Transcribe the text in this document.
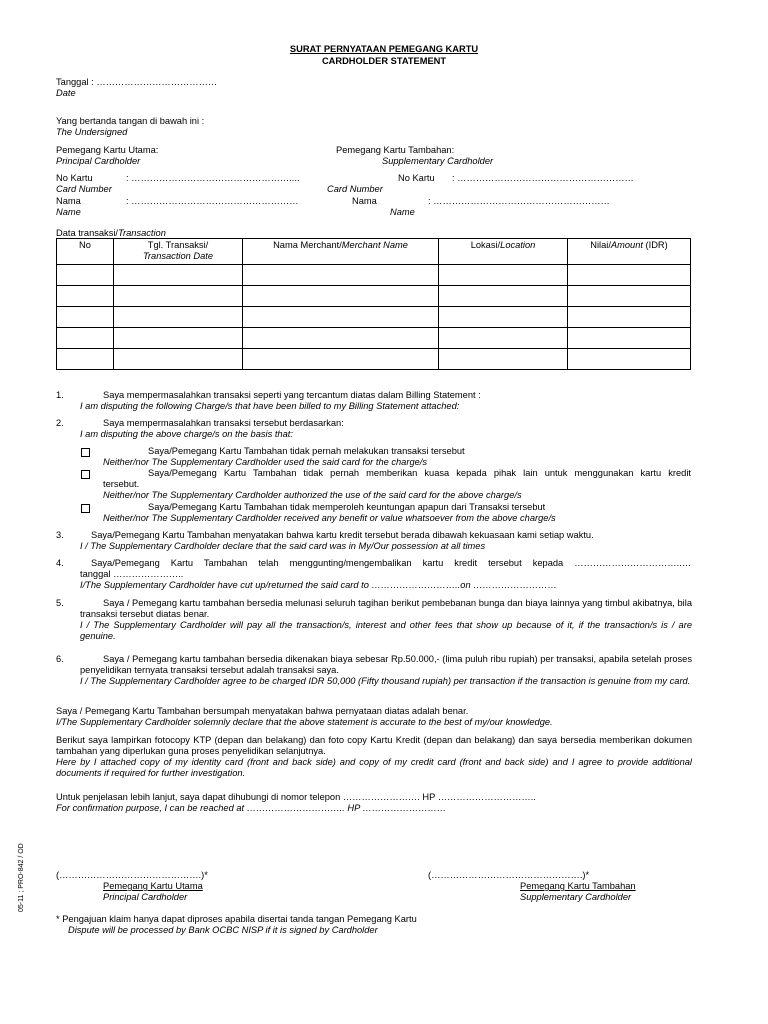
SURAT PERNYATAAN PEMEGANG KARTU
CARDHOLDER STATEMENT
Tanggal : …………………………………
Date
Yang bertanda tangan di bawah ini :
The Undersigned
Pemegang Kartu Utama:
Principal Cardholder
No Kartu	: ……………………………………………....
Card Number
Nama	: ………………………………………………
Name
Pemegang Kartu Tambahan:
Supplementary Cardholder
No Kartu : …………………………………………………
Card Number
Nama	: …………………………………………………
Name
Data transaksi/Transaction
No	Tgl. Transaksi/
Transaction Date	Nama Merchant/Merchant Name	Lokasi/Location	Nilai/Amount (IDR)

1.	Saya mempermasalahkan transaksi seperti yang tercantum diatas dalam Billing Statement :
I am disputing the following Charge/s that have been billed to my Billing Statement attached:
2.	Saya mempermasalahkan transaksi tersebut berdasarkan:
I am disputing the above charge/s on the basis that:
Saya/Pemegang Kartu Tambahan tidak pernah melakukan transaksi tersebut
Neither/nor The Supplementary Cardholder used the said card for the charge/s
Saya/Pemegang Kartu Tambahan tidak pernah memberikan kuasa kepada pihak lain untuk menggunakan kartu kredit
tersebut.
Neither/nor The Supplementary Cardholder authorized the use of the said card for the above charge/s
Saya/Pemegang Kartu Tambahan tidak memperoleh keuntungan apapun dari Transaksi tersebut
Neither/nor The Supplementary Cardholder received any benefit or value whatsoever from the above charge/s
3.	Saya/Pemegang Kartu Tambahan menyatakan bahwa kartu kredit tersebut berada dibawah kekuasaan kami setiap waktu.
I / The Supplementary Cardholder declare that the said card was in My/Our possession at all times
4.	Saya/Pemegang Kartu Tambahan telah menggunting/mengembalikan kartu kredit tersebut kepada ……………………………..…
tanggal …………………..
I/The Supplementary Cardholder have cut up/returned the said card to ………………………..on ………………………
5.	Saya / Pemegang kartu tambahan bersedia melunasi seluruh tagihan berikut pembebanan bunga dan biaya lainnya yang timbul akibatnya, bila transaksi tersebut diatas benar.
I / The Supplementary Cardholder will pay all the transaction/s, interest and other fees that show up because of it, if the transaction/s is / are genuine.
6.	Saya / Pemegang kartu tambahan bersedia dikenakan biaya sebesar Rp.50.000,- (lima puluh ribu rupiah) per transaksi, apabila setelah proses penyelidikan ternyata transaksi tersebut adalah transaksi saya.
I / The Supplementary Cardholder agree to be charged IDR 50,000 (Fifty thousand rupiah) per transaction if the transaction is genuine from my card.
Saya / Pemegang Kartu Tambahan bersumpah menyatakan bahwa pernyataan diatas adalah benar.
I/The Supplementary Cardholder solemnly declare that the above statement is accurate to the best of my/our knowledge.
Berikut saya lampirkan fotocopy KTP (depan dan belakang) dan foto copy Kartu Kredit (depan dan belakang) dan saya bersedia memberikan dokumen tambahan yang diperlukan guna proses penyelidikan selanjutnya.
Here by I attached copy of my identity card (front and back side) and copy of my credit card (front and back side) and I agree to provide additional documents if required for further investigation.
Untuk penjelasan lebih lanjut, saya dapat dihubungi di nomor telepon ……………………. HP …………………………..
For confirmation purpose, I can be reached at ………………………….. HP ………………………
(……………………………………….)*
Pemegang Kartu Utama
Principal Cardholder
(………………………………………….)*
Pemegang Kartu Tambahan
Supplementary Cardholder
* Pengajuan klaim hanya dapat diproses apabila disertai tanda tangan Pemegang Kartu
Dispute will be processed by Bank OCBC NISP if it is signed by Cardholder
05-11 ; PRO-842 / OD
